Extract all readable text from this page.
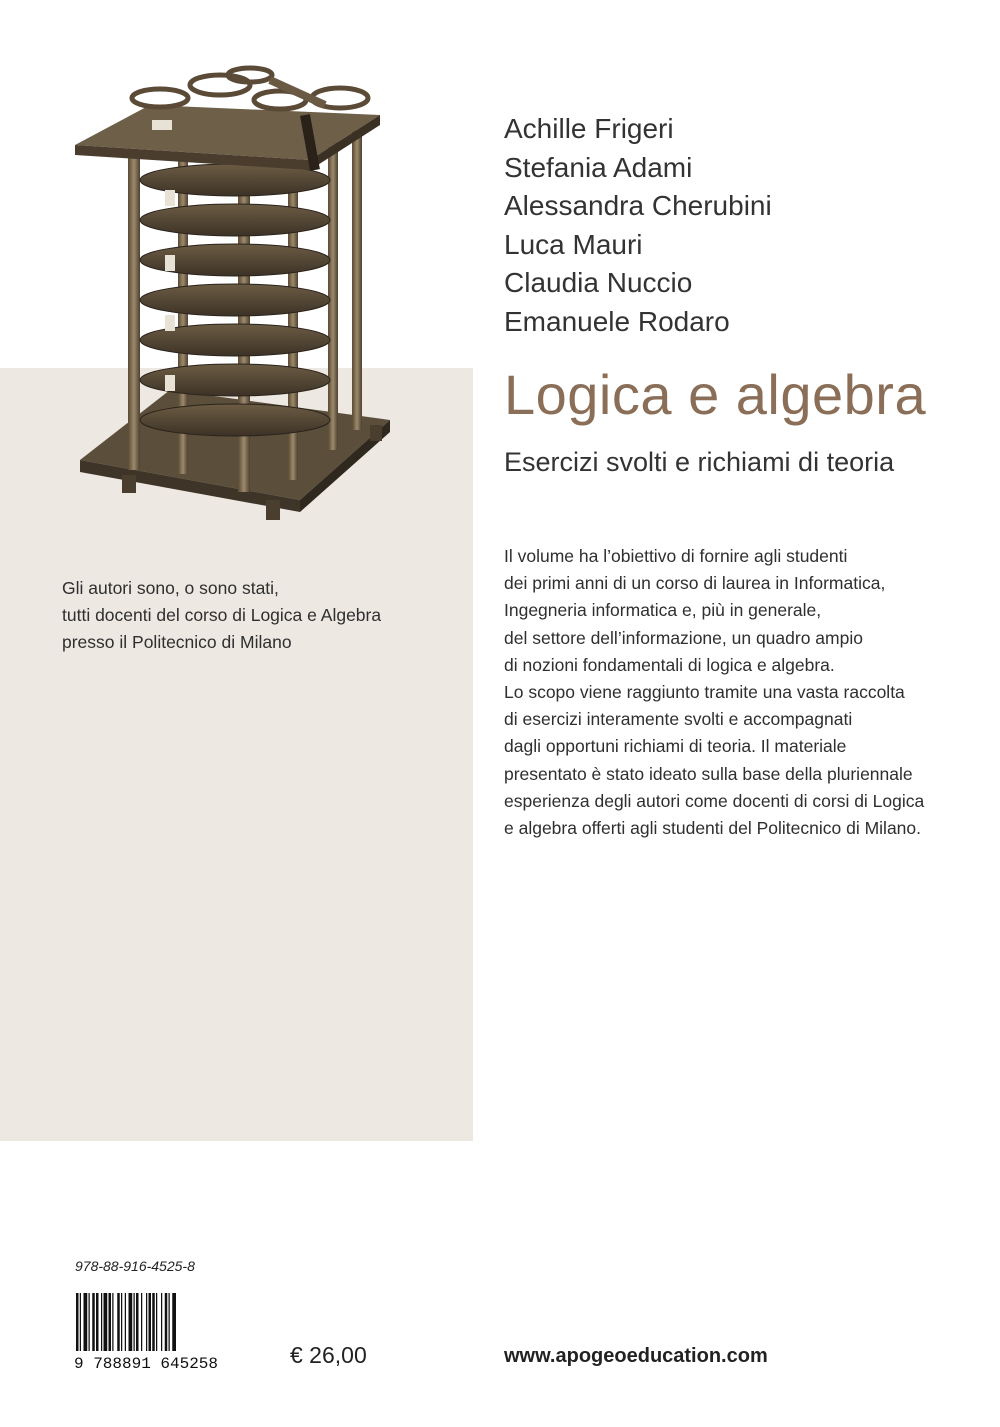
Achille Frigeri
Stefania Adami
Alessandra Cherubini
Luca Mauri
Claudia Nuccio
Emanuele Rodaro
Logica e algebra
Esercizi svolti e richiami di teoria
Gli autori sono, o sono stati,
tutti docenti del corso di Logica e Algebra
presso il Politecnico di Milano
Il volume ha l’obiettivo di fornire agli studenti
dei primi anni di un corso di laurea in Informatica,
Ingegneria informatica e, più in generale,
del settore dell’informazione, un quadro ampio
di nozioni fondamentali di logica e algebra.
Lo scopo viene raggiunto tramite una vasta raccolta
di esercizi interamente svolti e accompagnati
dagli opportuni richiami di teoria. Il materiale
presentato è stato ideato sulla base della pluriennale
esperienza degli autori come docenti di corsi di Logica
e algebra offerti agli studenti del Politecnico di Milano.
978-88-916-4525-8
9 788891 645258	€ 26,00	www.apogeoeducation.com
